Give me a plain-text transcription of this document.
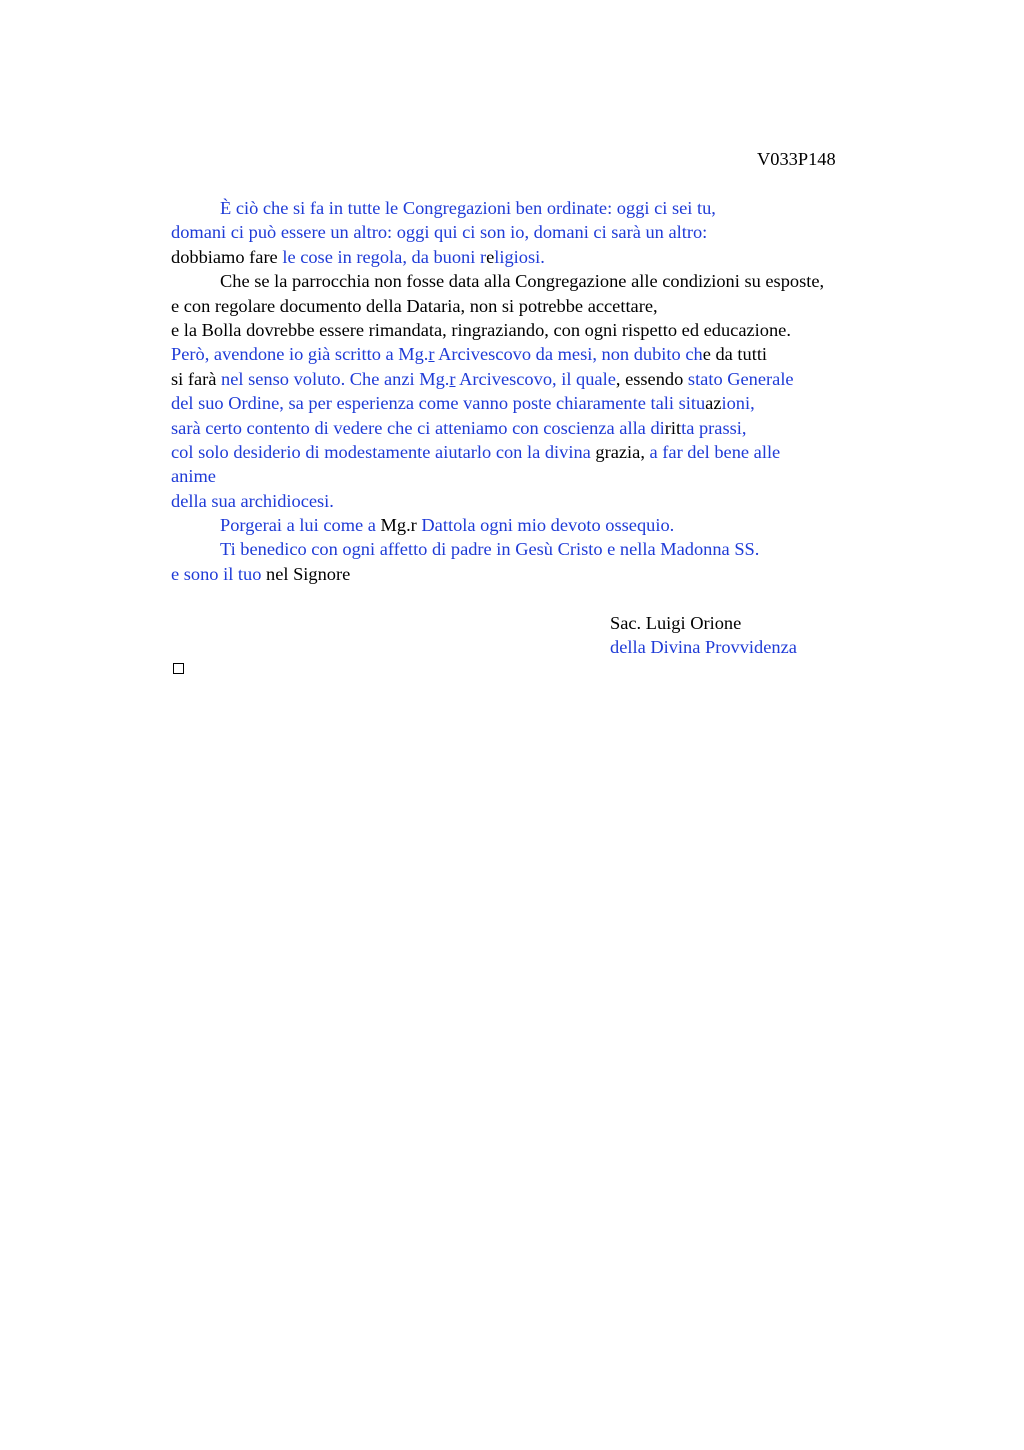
V033P148
È ciò che si fa in tutte le Congregazioni ben ordinate: oggi ci sei tu,
domani ci può essere un altro: oggi qui ci son io, domani ci sarà un altro:
dobbiamo fare le cose in regola, da buoni religiosi.
Che se la parrocchia non fosse data alla Congregazione alle condizioni su esposte,
e con regolare documento della Dataria, non si potrebbe accettare,
e la Bolla dovrebbe essere rimandata, ringraziando, con ogni rispetto ed educazione.
Però, avendone io già scritto a Mg.r Arcivescovo da mesi, non dubito che da tutti
si farà nel senso voluto. Che anzi Mg.r Arcivescovo, il quale, essendo stato Generale
del suo Ordine, sa per esperienza come vanno poste chiaramente tali situazioni,
sarà certo contento di vedere che ci atteniamo con coscienza alla diritta prassi,
col solo desiderio di modestamente aiutarlo con la divina grazia, a far del bene alle
anime
della sua archidiocesi.
Porgerai a lui come a Mg.r Dattola ogni mio devoto ossequio.
Ti benedico con ogni affetto di padre in Gesù Cristo e nella Madonna SS.
e sono il tuo nel Signore
Sac. Luigi Orione
della Divina Provvidenza
